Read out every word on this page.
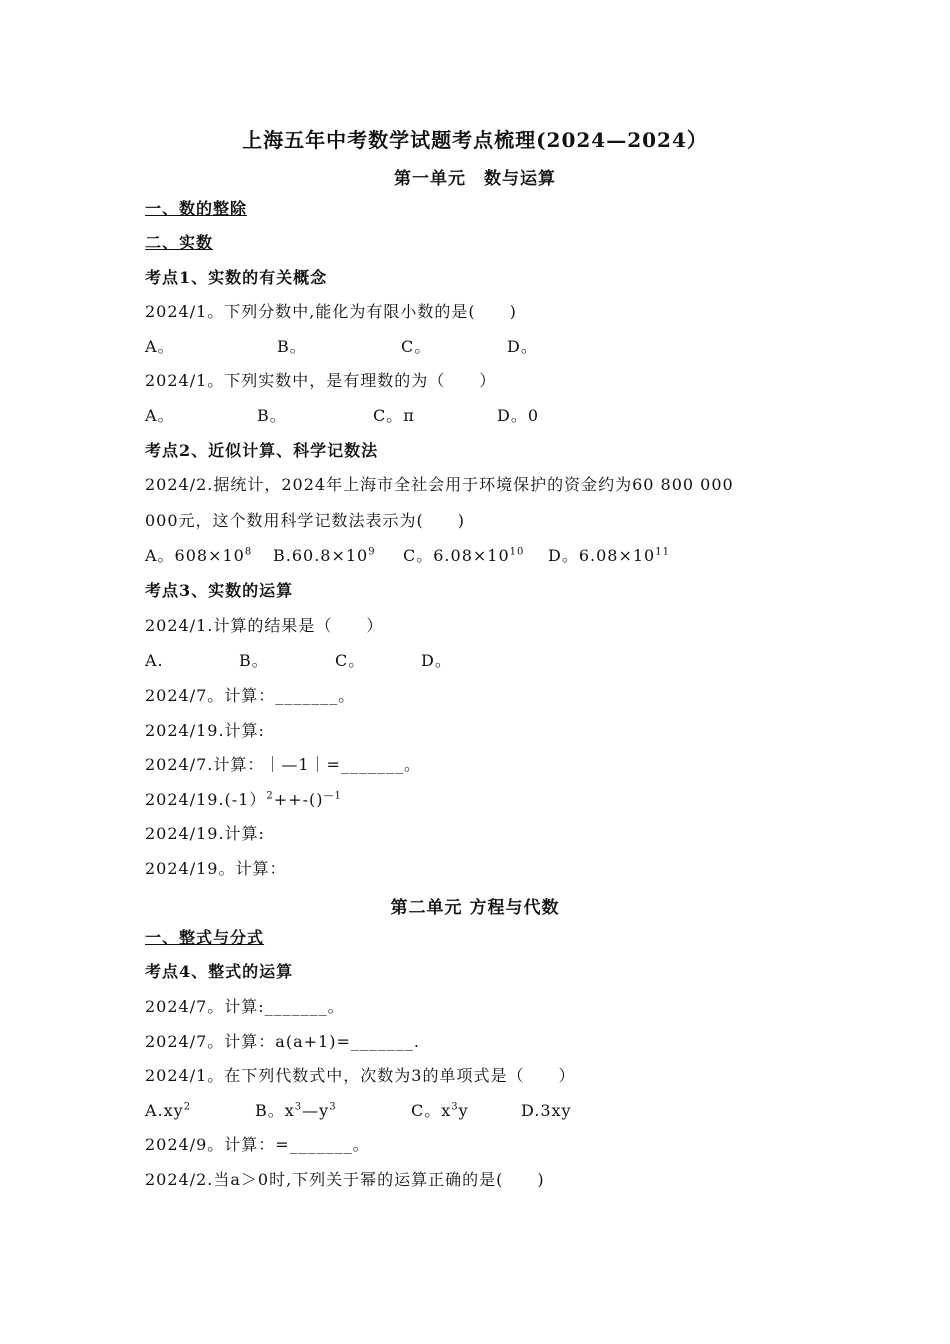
上海五年中考数学试题考点梳理(2024—2024）
第一单元　数与运算
一、数的整除
二、实数
考点1、实数的有关概念
2024/1。下列分数中,能化为有限小数的是(　　)
A。	B。	C。	D。
2024/1。下列实数中，是有理数的为（　　）
A。	B。	C。π	D。0
考点2、近似计算、科学记数法
2024/2.据统计，2024年上海市全社会用于环境保护的资金约为60 800 000
000元，这个数用科学记数法表示为(　　)
A。$608\times 10^8$ $B.60.8\times 10^9$ C。$6.08\times 10^{10}$ D。$6.08\times 10^{11}$
考点3、实数的运算
2024/1.计算的结果是（　　）
A.	B。	C。	D。
2024/7。计算：_______。
2024/19.计算:
2024/7.计算：｜—1｜=_______。
2024/19.(-1）$^2$++-()$^{—1}$
2024/19.计算:
2024/19。计算：
第二单元 方程与代数
一、整式与分式
考点4、整式的运算
2024/7。计算:_______。
2024/7。计算：a(a+1)=_______.
2024/1。在下列代数式中，次数为3的单项式是（　　）
$A.xy^2$	B。$x^3—y^3$	C。$x^3y$	D.3xy
2024/9。计算：=_______。
2024/2.当a＞0时,下列关于幂的运算正确的是(　　)
